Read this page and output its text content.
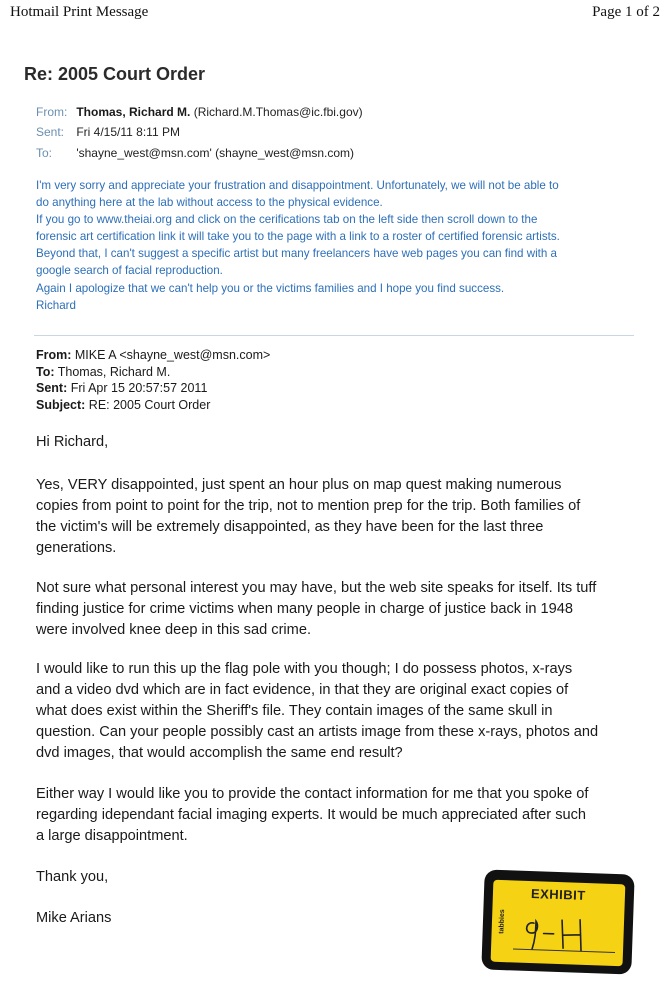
Hotmail Print Message	Page 1 of 2
Re: 2005 Court Order
From: Thomas, Richard M. (Richard.M.Thomas@ic.fbi.gov)
Sent: Fri 4/15/11 8:11 PM
To: 'shayne_west@msn.com' (shayne_west@msn.com)

I'm very sorry and appreciate your frustration and disappointment. Unfortunately, we will not be able to

do anything here at the lab without access to the physical evidence.

If you go to www.theiai.org and click on the cerifications tab on the left side then scroll down to the

forensic art certification link it will take you to the page with a link to a roster of certified forensic artists.

Beyond that, I can't suggest a specific artist but many freelancers have web pages you can find with a

google search of facial reproduction.

Again I apologize that we can't help you or the victims families and I hope you find success.

Richard

From: MIKE A <shayne_west@msn.com>
To: Thomas, Richard M.
Sent: Fri Apr 15 20:57:57 2011
Subject: RE: 2005 Court Order
Hi Richard,

Yes, VERY disappointed, just spent an hour plus on map quest making numerous

copies from point to point for the trip, not to mention prep for the trip. Both families of

the victim's will be extremely disappointed, as they have been for the last three

generations.

Not sure what personal interest you may have, but the web site speaks for itself. Its tuff

finding justice for crime victims when many people in charge of justice back in 1948

were involved knee deep in this sad crime.

I would like to run this up the flag pole with you though; I do possess photos, x-rays

and a video dvd which are in fact evidence, in that they are original exact copies of

what does exist within the Sheriff's file. They contain images of the same skull in

question. Can your people possibly cast an artists image from these x-rays, photos and

dvd images, that would accomplish the same end result?

Either way I would like you to provide the contact information for me that you spoke of

regarding idependant facial imaging experts. It would be much appreciated after such

a large disappointment.

Thank you,
Mike Arians
EXHIBIT
tabbies
